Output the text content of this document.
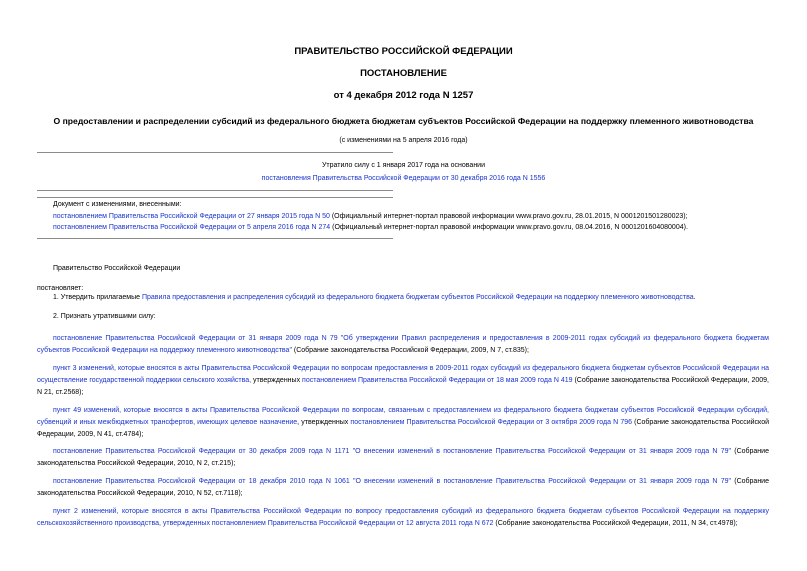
ПРАВИТЕЛЬСТВО РОССИЙСКОЙ ФЕДЕРАЦИИ
ПОСТАНОВЛЕНИЕ
от 4 декабря 2012 года N 1257
О предоставлении и распределении субсидий из федерального бюджета бюджетам субъектов Российской Федерации на поддержку племенного животноводства
(с изменениями на 5 апреля 2016 года)
Утратило силу с 1 января 2017 года на основании
постановления Правительства Российской Федерации от 30 декабря 2016 года N 1556
Документ с изменениями, внесенными:
постановлением Правительства Российской Федерации от 27 января 2015 года N 50 (Официальный интернет-портал правовой информации www.pravo.gov.ru, 28.01.2015, N 0001201501280023);
постановлением Правительства Российской Федерации от 5 апреля 2016 года N 274 (Официальный интернет-портал правовой информации www.pravo.gov.ru, 08.04.2016, N 0001201604080004).
Правительство Российской Федерации
постановляет:
1. Утвердить прилагаемые Правила предоставления и распределения субсидий из федерального бюджета бюджетам субъектов Российской Федерации на поддержку племенного животноводства.
2. Признать утратившими силу:
постановление Правительства Российской Федерации от 31 января 2009 года N 79 "Об утверждении Правил распределения и предоставления в 2009-2011 годах субсидий из федерального бюджета бюджетам субъектов Российской Федерации на поддержку племенного животноводства" (Собрание законодательства Российской Федерации, 2009, N 7, ст.835);
пункт 3 изменений, которые вносятся в акты Правительства Российской Федерации по вопросам предоставления в 2009-2011 годах субсидий из федерального бюджета бюджетам субъектов Российской Федерации на осуществление государственной поддержки сельского хозяйства, утвержденных постановлением Правительства Российской Федерации от 18 мая 2009 года N 419 (Собрание законодательства Российской Федерации, 2009, N 21, ст.2568);
пункт 49 изменений, которые вносятся в акты Правительства Российской Федерации по вопросам, связанным с предоставлением из федерального бюджета бюджетам субъектов Российской Федерации субсидий, субвенций и иных межбюджетных трансфертов, имеющих целевое назначение, утвержденных постановлением Правительства Российской Федерации от 3 октября 2009 года N 796 (Собрание законодательства Российской Федерации, 2009, N 41, ст.4784);
постановление Правительства Российской Федерации от 30 декабря 2009 года N 1171 "О внесении изменений в постановление Правительства Российской Федерации от 31 января 2009 года N 79" (Собрание законодательства Российской Федерации, 2010, N 2, ст.215);
постановление Правительства Российской Федерации от 18 декабря 2010 года N 1061 "О внесении изменений в постановление Правительства Российской Федерации от 31 января 2009 года N 79" (Собрание законодательства Российской Федерации, 2010, N 52, ст.7118);
пункт 2 изменений, которые вносятся в акты Правительства Российской Федерации по вопросу предоставления субсидий из федерального бюджета бюджетам субъектов Российской Федерации на поддержку сельскохозяйственного производства, утвержденных постановлением Правительства Российской Федерации от 12 августа 2011 года N 672 (Собрание законодательства Российской Федерации, 2011, N 34, ст.4978);
